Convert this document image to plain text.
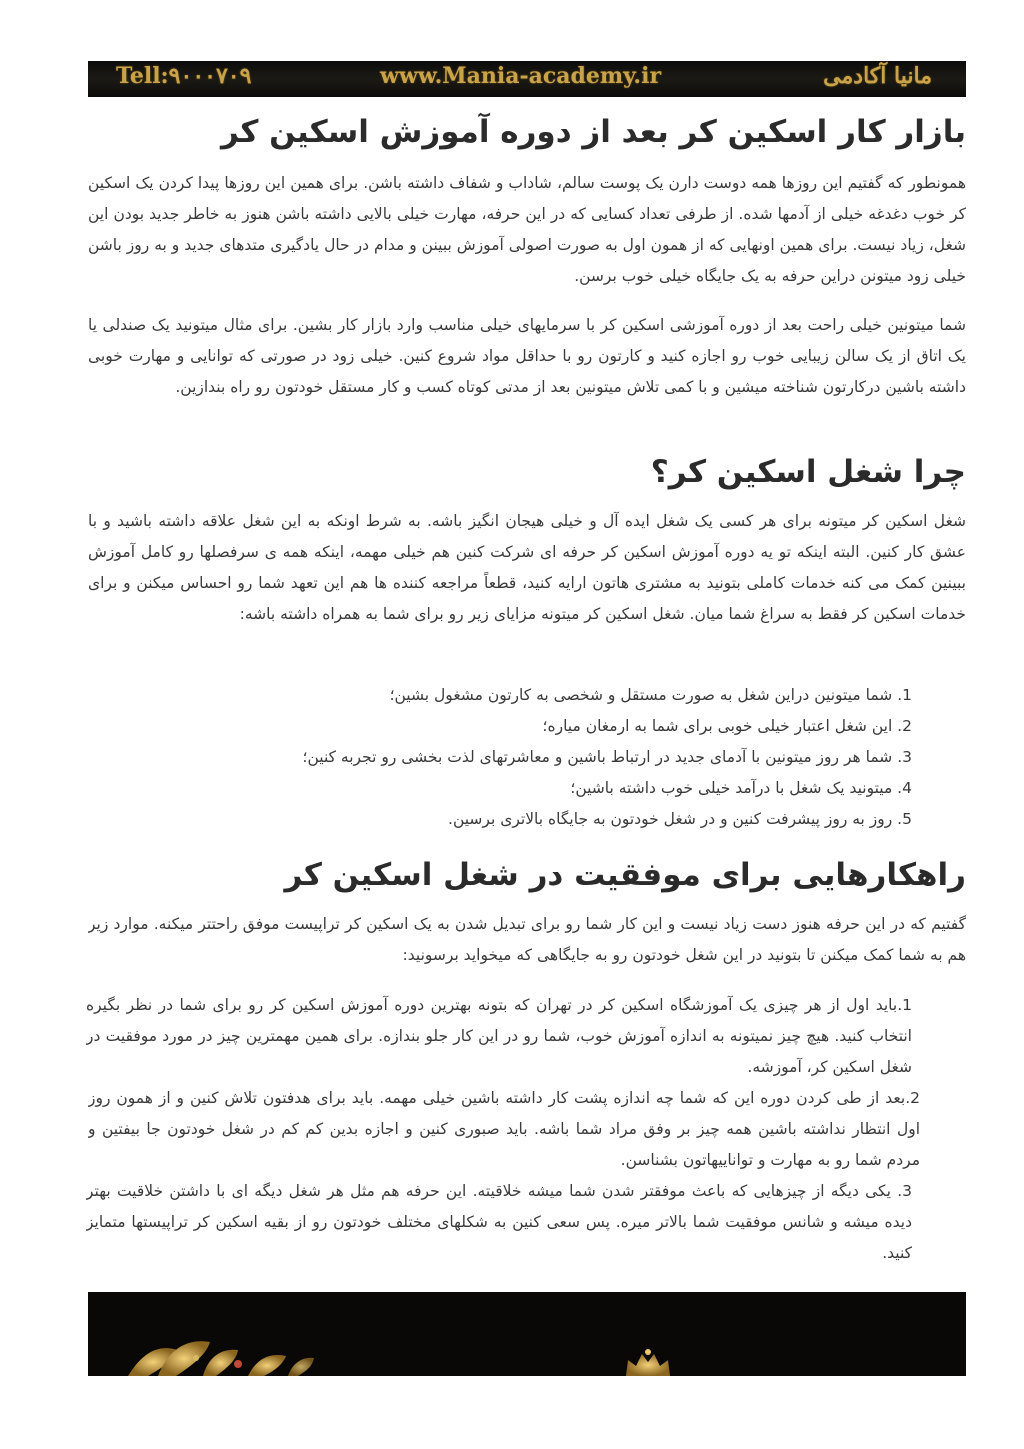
Tell:۹۰۰۰۷۰۹	www.Mania-academy.ir	مانیا آکادمی
بازار کار اسکین کر بعد از دوره آموزش اسکین کر

همونطور که گفتیم این روزها همه دوست دارن یک پوست سالم، شاداب و شفاف داشته باشن. برای همین این روزها پیدا کردن یک اسکین کر خوب دغدغه خیلی از آدمها شده. از طرفی تعداد کسایی که در این حرفه، مهارت خیلی بالایی داشته باشن هنوز به خاطر جدید بودن این شغل، زیاد نیست. برای همین اونهایی که از همون اول به صورت اصولی آموزش ببینن و مدام در حال یادگیری متدهای جدید و به روز باشن خیلی زود میتونن دراین حرفه به یک جایگاه خیلی خوب برسن.

شما میتونین خیلی راحت بعد از دوره آموزشی اسکین کر با سرمایهای خیلی مناسب وارد بازار کار بشین. برای مثال میتونید یک صندلی یا یک اتاق از یک سالن زیبایی خوب رو اجازه کنید و کارتون رو با حداقل مواد شروع کنین. خیلی زود در صورتی که توانایی و مهارت خوبی داشته باشین درکارتون شناخته میشین و با کمی تلاش میتونین بعد از مدتی کوتاه کسب و کار مستقل خودتون رو راه بندازین.

چرا شغل اسکین کر؟

شغل اسکین کر میتونه برای هر کسی یک شغل ایده آل و خیلی هیجان انگیز باشه. به شرط اونکه به این شغل علاقه داشته باشید و با عشق کار کنین. البته اینکه تو یه دوره آموزش اسکین کر حرفه ای شرکت کنین هم خیلی مهمه، اینکه همه ی سرفصلها رو کامل آموزش ببینین کمک می کنه خدمات کاملی بتونید به مشتری هاتون ارایه کنید، قطعاً مراجعه کننده ها هم این تعهد شما رو احساس میکنن و برای خدمات اسکین کر فقط به سراغ شما میان. شغل اسکین کر میتونه مزایای زیر رو برای شما به همراه داشته باشه:

1. شما میتونین دراین شغل به صورت مستقل و شخصی به کارتون مشغول بشین؛
2. این شغل اعتبار خیلی خوبی برای شما به ارمغان میاره؛
3. شما هر روز میتونین با آدمای جدید در ارتباط باشین و معاشرتهای لذت بخشی رو تجربه کنین؛
4. میتونید یک شغل با درآمد خیلی خوب داشته باشین؛
5. روز به روز پیشرفت کنین و در شغل خودتون به جایگاه بالاتری برسین.
راهکارهایی برای موفقیت در شغل اسکین کر

گفتیم که در این حرفه هنوز دست زیاد نیست و این کار شما رو برای تبدیل شدن به یک اسکین کر تراپیست موفق راحتتر میکنه. موارد زیر هم به شما کمک میکنن تا بتونید در این شغل خودتون رو به جایگاهی که میخواید برسونید:

1.باید اول از هر چیزی یک آموزشگاه اسکین کر در تهران که بتونه بهترین دوره آموزش اسکین کر رو برای شما در نظر بگیره انتخاب کنید. هیچ چیز نمیتونه به اندازه آموزش خوب، شما رو در این کار جلو بندازه. برای همین مهمترین چیز در مورد موفقیت در شغل اسکین کر، آموزشه.

2.بعد از طی کردن دوره این که شما چه اندازه پشت کار داشته باشین خیلی مهمه. باید برای هدفتون تلاش کنین و از همون روز اول انتظار نداشته باشین همه چیز بر وفق مراد شما باشه. باید صبوری کنین و اجازه بدین کم کم در شغل خودتون جا بیفتین و مردم شما رو به مهارت و تواناییهاتون بشناسن.

3. یکی دیگه از چیزهایی که باعث موفقتر شدن شما میشه خلاقیته. این حرفه هم مثل هر شغل دیگه ای با داشتن خلاقیت بهتر دیده میشه و شانس موفقیت شما بالاتر میره. پس سعی کنین به شکلهای مختلف خودتون رو از بقیه اسکین کر تراپیستها متمایز کنید.
